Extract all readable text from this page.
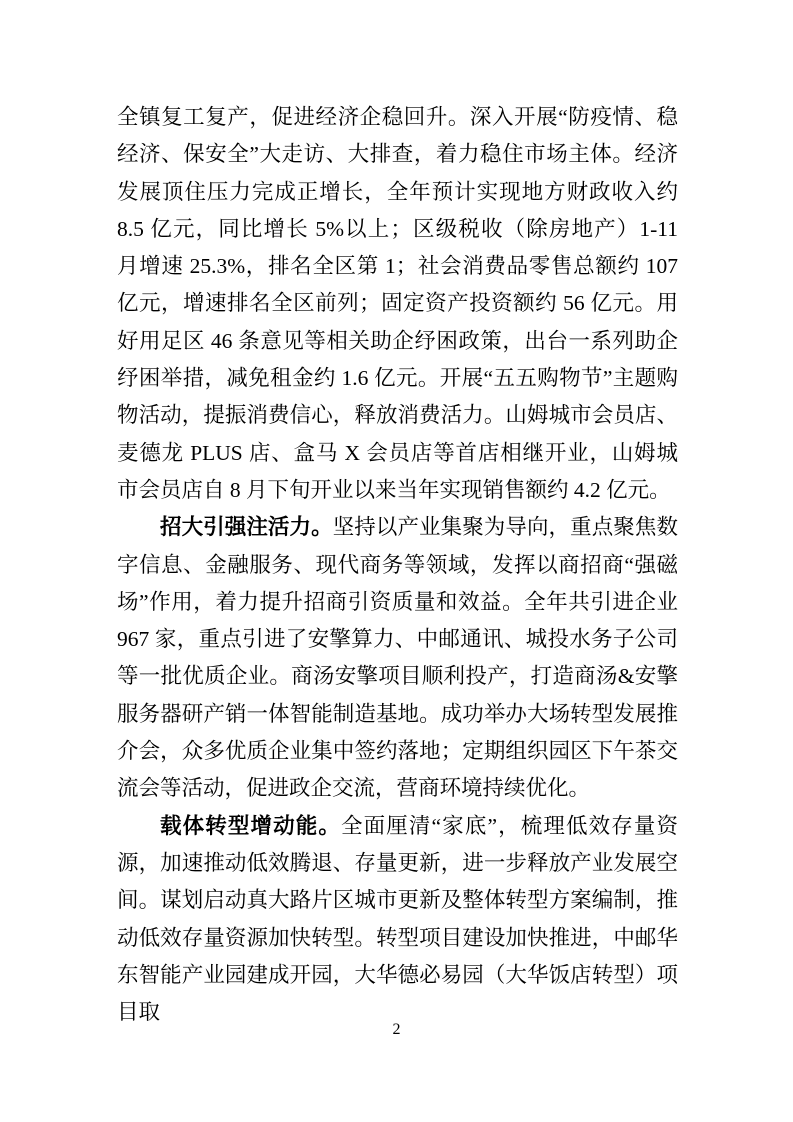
全镇复工复产，促进经济企稳回升。深入开展“防疫情、稳经济、保安全”大走访、大排查，着力稳住市场主体。经济发展顶住压力完成正增长，全年预计实现地方财政收入约 8.5 亿元，同比增长 5%以上；区级税收（除房地产）1-11 月增速 25.3%，排名全区第 1；社会消费品零售总额约 107 亿元，增速排名全区前列；固定资产投资额约 56 亿元。用好用足区 46 条意见等相关助企纾困政策，出台一系列助企纾困举措，减免租金约 1.6 亿元。开展“五五购物节”主题购物活动，提振消费信心，释放消费活力。山姆城市会员店、麦德龙 PLUS 店、盒马 X 会员店等首店相继开业，山姆城市会员店自 8 月下旬开业以来当年实现销售额约 4.2 亿元。

招大引强注活力。坚持以产业集聚为导向，重点聚焦数字信息、金融服务、现代商务等领域，发挥以商招商“强磁场”作用，着力提升招商引资质量和效益。全年共引进企业 967 家，重点引进了安擎算力、中邮通讯、城投水务子公司等一批优质企业。商汤安擎项目顺利投产，打造商汤&安擎服务器研产销一体智能制造基地。成功举办大场转型发展推介会，众多优质企业集中签约落地；定期组织园区下午茶交流会等活动，促进政企交流，营商环境持续优化。

载体转型增动能。全面厘清“家底”，梳理低效存量资源，加速推动低效腾退、存量更新，进一步释放产业发展空间。谋划启动真大路片区城市更新及整体转型方案编制，推动低效存量资源加快转型。转型项目建设加快推进，中邮华东智能产业园建成开园，大华德必易园（大华饭店转型）项目取

2
